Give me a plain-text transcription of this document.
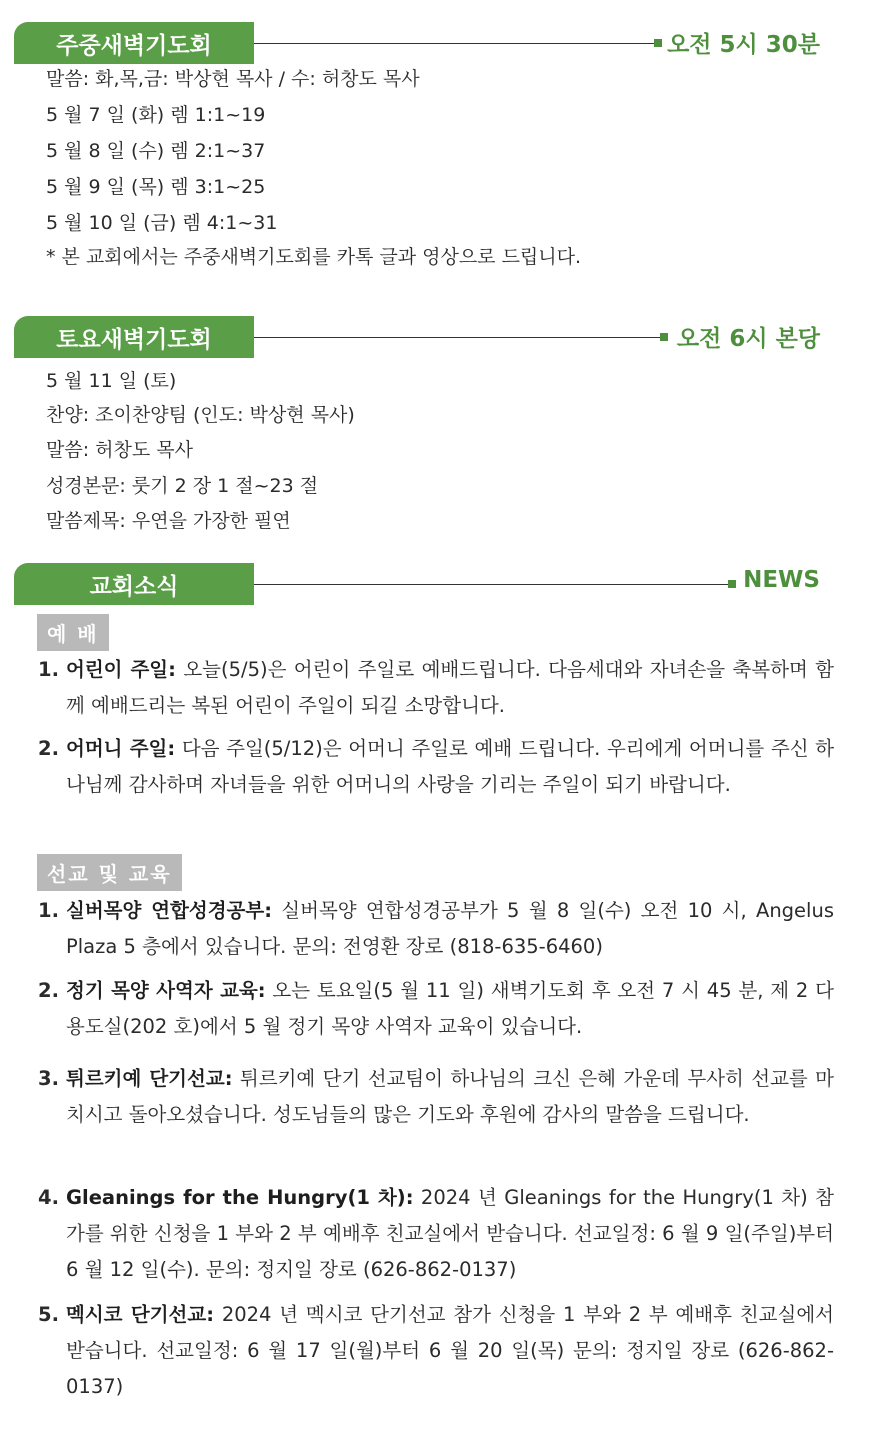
주중새벽기도회	오전 5시 30분
말씀: 화,목,금: 박상현 목사 / 수: 허창도 목사
5 월 7 일 (화) 렘 1:1~19
5 월 8 일 (수) 렘 2:1~37
5 월 9 일 (목) 렘 3:1~25
5 월 10 일 (금) 렘 4:1~31
* 본 교회에서는 주중새벽기도회를 카톡 글과 영상으로 드립니다.
토요새벽기도회	오전 6시 본당
5 월 11 일 (토)
찬양: 조이찬양팀 (인도: 박상현 목사)
말씀: 허창도 목사
성경본문: 룻기 2 장 1 절~23 절
말씀제목: 우연을 가장한 필연
교회소식	NEWS
예 배
1. 어린이 주일: 오늘(5/5)은 어린이 주일로 예배드립니다. 다음세대와 자녀손을 축복하며 함께 예배드리는 복된 어린이 주일이 되길 소망합니다.
2. 어머니 주일: 다음 주일(5/12)은 어머니 주일로 예배 드립니다. 우리에게 어머니를 주신 하나님께 감사하며 자녀들을 위한 어머니의 사랑을 기리는 주일이 되기 바랍니다.
선교 및 교육
1. 실버목양 연합성경공부: 실버목양 연합성경공부가 5 월 8 일(수) 오전 10 시, Angelus Plaza 5 층에서 있습니다. 문의: 전영환 장로 (818-635-6460)
2. 정기 목양 사역자 교육: 오는 토요일(5 월 11 일) 새벽기도회 후 오전 7 시 45 분, 제 2 다용도실(202 호)에서 5 월 정기 목양 사역자 교육이 있습니다.
3. 튀르키예 단기선교: 튀르키예 단기 선교팀이 하나님의 크신 은혜 가운데 무사히 선교를 마치시고 돌아오셨습니다. 성도님들의 많은 기도와 후원에 감사의 말씀을 드립니다.
4. Gleanings for the Hungry(1 차): 2024 년 Gleanings for the Hungry(1 차) 참가를 위한 신청을 1 부와 2 부 예배후 친교실에서 받습니다. 선교일정: 6 월 9 일(주일)부터 6 월 12 일(수). 문의: 정지일 장로 (626-862-0137)
5. 멕시코 단기선교: 2024 년 멕시코 단기선교 참가 신청을 1 부와 2 부 예배후 친교실에서 받습니다. 선교일정: 6 월 17 일(월)부터 6 월 20 일(목) 문의: 정지일 장로 (626-862-0137)
